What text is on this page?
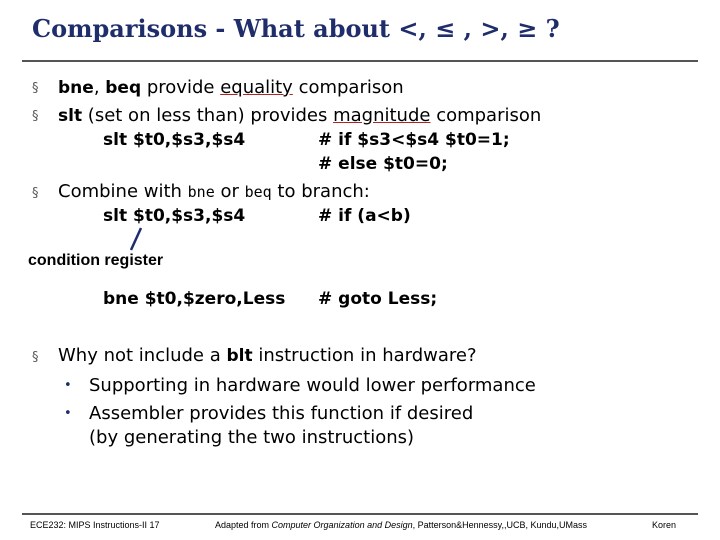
Comparisons - What about <, ≤ , >, ≥ ?
§ bne, beq provide equality comparison
§ slt (set on less than) provides magnitude comparison
slt $t0,$s3,$s4	# if $s3<$s4 $t0=1;
# else $t0=0;
§ Combine with bne or beq to branch:
slt $t0,$s3,$s4	# if (a<b)
condition register
bne $t0,$zero,Less # goto Less;
§ Why not include a blt instruction in hardware?
• Supporting in hardware would lower performance
• Assembler provides this function if desired
(by generating the two instructions)
ECE232: MIPS Instructions-II 17	Adapted from Computer Organization and Design, Patterson&Hennessy,,UCB, Kundu,UMass	Koren
